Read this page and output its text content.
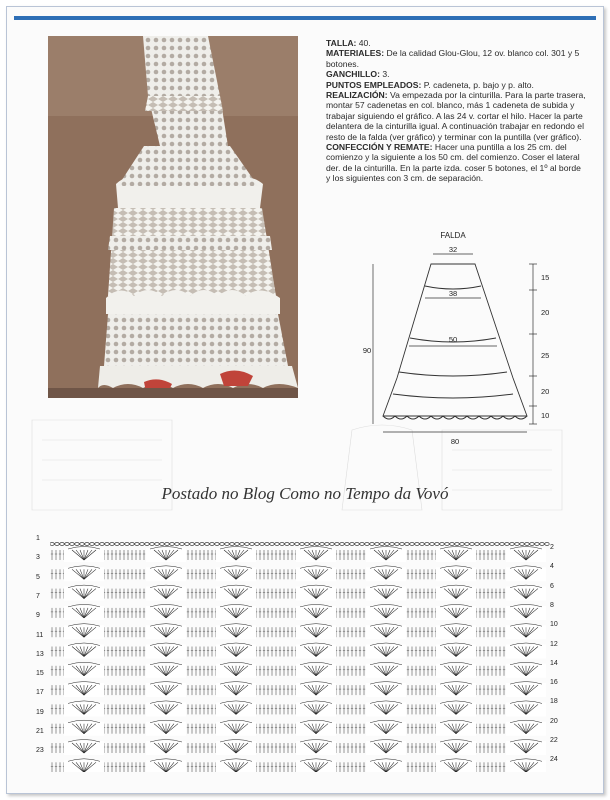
TALLA: 40.

MATERIALES: De la calidad Glou-Glou, 12 ov. blanco col. 301 y 5 botones.

GANCHILLO: 3.

PUNTOS EMPLEADOS: P. cadeneta, p. bajo y p. alto.

REALIZACIÓN: Va empezada por la cinturilla. Para la parte trasera, montar 57 cadenetas en col. blanco, más 1 cadeneta de subida y trabajar siguiendo el gráfico. A las 24 v. cortar el hilo. Hacer la parte delantera de la cinturilla igual. A continuación trabajar en redondo el resto de la falda (ver gráfico) y terminar con la puntilla (ver gráfico).

CONFECCIÓN Y REMATE: Hacer una puntilla a los 25 cm. del comienzo y la siguiente a los 50 cm. del comienzo. Coser el lateral der. de la cinturilla. En la parte izda. coser 5 botones, el 1º al borde y los siguientes con 3 cm. de separación.

FALDA
32
38
50
80
90
15
20
25
20
10
Postado no Blog Como no Tempo da Vovó
1
3
5
7
9
11
13
15
17
19
21
23
2
4
6
8
10
12
14
16
18
20
22
24
